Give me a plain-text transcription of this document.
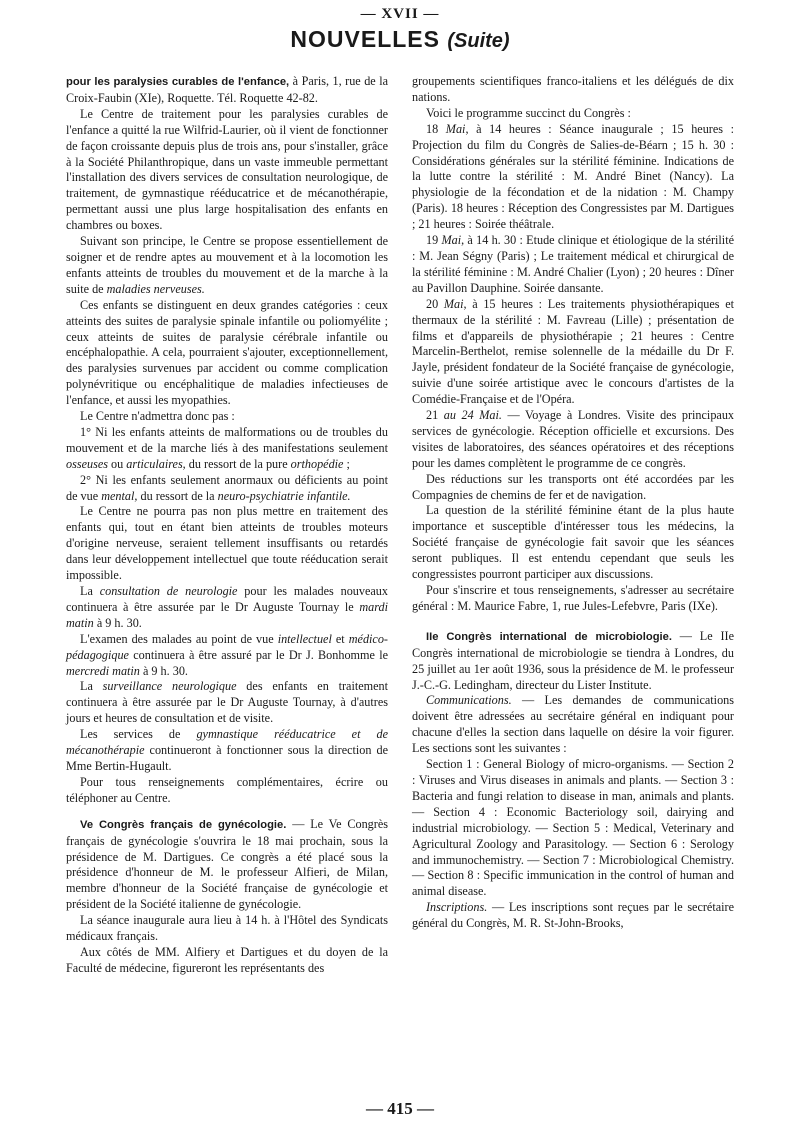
— XVII —
NOUVELLES (Suite)

pour les paralysies curables de l'enfance, à Paris, 1, rue de la Croix-Faubin (XIe), Roquette. Tél. Roquette 42-82.

Le Centre de traitement pour les paralysies curables de l'enfance a quitté la rue Wilfrid-Laurier, où il vient de fonctionner de façon croissante depuis plus de trois ans, pour s'installer, grâce à la Société Philanthropique, dans un vaste immeuble permettant l'installation des divers services de consultation neurologique, de traitement, de gymnastique rééducatrice et de mécanothérapie, permettant aussi une plus large hospitalisation des enfants en chambres ou boxes.

Suivant son principe, le Centre se propose essentiellement de soigner et de rendre aptes au mouvement et à la locomotion les enfants atteints de troubles du mouvement et de la marche à la suite de maladies nerveuses.

Ces enfants se distinguent en deux grandes catégories : ceux atteints des suites de paralysie spinale infantile ou poliomyélite ; ceux atteints de suites de paralysie cérébrale infantile ou encéphalopathie. A cela, pourraient s'ajouter, exceptionnellement, des paralysies survenues par accident ou comme complication polynévritique ou encéphalitique de maladies infectieuses de l'enfance, et aussi les myopathies.

Le Centre n'admettra donc pas :

1° Ni les enfants atteints de malformations ou de troubles du mouvement et de la marche liés à des manifestations seulement osseuses ou articulaires, du ressort de la pure orthopédie ;

2° Ni les enfants seulement anormaux ou déficients au point de vue mental, du ressort de la neuro-psychiatrie infantile.

Le Centre ne pourra pas non plus mettre en traitement des enfants qui, tout en étant bien atteints de troubles moteurs d'origine nerveuse, seraient tellement insuffisants ou retardés dans leur développement intellectuel que toute rééducation serait impossible.

La consultation de neurologie pour les malades nouveaux continuera à être assurée par le Dr Auguste Tournay le mardi matin à 9 h. 30.

L'examen des malades au point de vue intellectuel et médico-pédagogique continuera à être assuré par le Dr J. Bonhomme le mercredi matin à 9 h. 30.

La surveillance neurologique des enfants en traitement continuera à être assurée par le Dr Auguste Tournay, à d'autres jours et heures de consultation et de visite.

Les services de gymnastique rééducatrice et de mécanothérapie continueront à fonctionner sous la direction de Mme Bertin-Hugault.

Pour tous renseignements complémentaires, écrire ou téléphoner au Centre.

Ve Congrès français de gynécologie. — Le Ve Congrès français de gynécologie s'ouvrira le 18 mai prochain, sous la présidence de M. Dartigues. Ce congrès a été placé sous la présidence d'honneur de M. le professeur Alfieri, de Milan, membre d'honneur de la Société française de gynécologie et président de la Société italienne de gynécologie.

La séance inaugurale aura lieu à 14 h. à l'Hôtel des Syndicats médicaux français.

Aux côtés de MM. Alfiery et Dartigues et du doyen de la Faculté de médecine, figureront les représentants des

groupements scientifiques franco-italiens et les délégués de dix nations.

Voici le programme succinct du Congrès :

18 Mai, à 14 heures : Séance inaugurale ; 15 heures : Projection du film du Congrès de Salies-de-Béarn ; 15 h. 30 : Considérations générales sur la stérilité féminine. Indications de la lutte contre la stérilité : M. André Binet (Nancy). La physiologie de la fécondation et de la nidation : M. Champy (Paris). 18 heures : Réception des Congressistes par M. Dartigues ; 21 heures : Soirée théâtrale.

19 Mai, à 14 h. 30 : Etude clinique et étiologique de la stérilité : M. Jean Ségny (Paris) ; Le traitement médical et chirurgical de la stérilité féminine : M. André Chalier (Lyon) ; 20 heures : Dîner au Pavillon Dauphine. Soirée dansante.

20 Mai, à 15 heures : Les traitements physiothérapiques et thermaux de la stérilité : M. Favreau (Lille) ; présentation de films et d'appareils de physiothérapie ; 21 heures : Centre Marcelin-Berthelot, remise solennelle de la médaille du Dr F. Jayle, président fondateur de la Société française de gynécologie, suivie d'une soirée artistique avec le concours d'artistes de la Comédie-Française et de l'Opéra.

21 au 24 Mai. — Voyage à Londres. Visite des principaux services de gynécologie. Réception officielle et excursions. Des visites de laboratoires, des séances opératoires et des réceptions pour les dames complètent le programme de ce congrès.

Des réductions sur les transports ont été accordées par les Compagnies de chemins de fer et de navigation.

La question de la stérilité féminine étant de la plus haute importance et susceptible d'intéresser tous les médecins, la Société française de gynécologie fait savoir que les séances seront publiques. Il est entendu cependant que seuls les congressistes pourront participer aux discussions.

Pour s'inscrire et tous renseignements, s'adresser au secrétaire général : M. Maurice Fabre, 1, rue Jules-Lefebvre, Paris (IXe).

IIe Congrès international de microbiologie. — Le IIe Congrès international de microbiologie se tiendra à Londres, du 25 juillet au 1er août 1936, sous la présidence de M. le professeur J.-C.-G. Ledingham, directeur du Lister Institute.

Communications. — Les demandes de communications doivent être adressées au secrétaire général en indiquant pour chacune d'elles la section dans laquelle on désire la voir figurer. Les sections sont les suivantes :

Section 1 : General Biology of micro-organisms. — Section 2 : Viruses and Virus diseases in animals and plants. — Section 3 : Bacteria and fungi relation to disease in man, animals and plants. — Section 4 : Economic Bacteriology soil, dairying and industrial microbiology. — Section 5 : Medical, Veterinary and Agricultural Zoology and Parasitology. — Section 6 : Serology and immunochemistry. — Section 7 : Microbiological Chemistry. — Section 8 : Specific immunication in the control of human and animal disease.

Inscriptions. — Les inscriptions sont reçues par le secrétaire général du Congrès, M. R. St-John-Brooks,

— 415 —
